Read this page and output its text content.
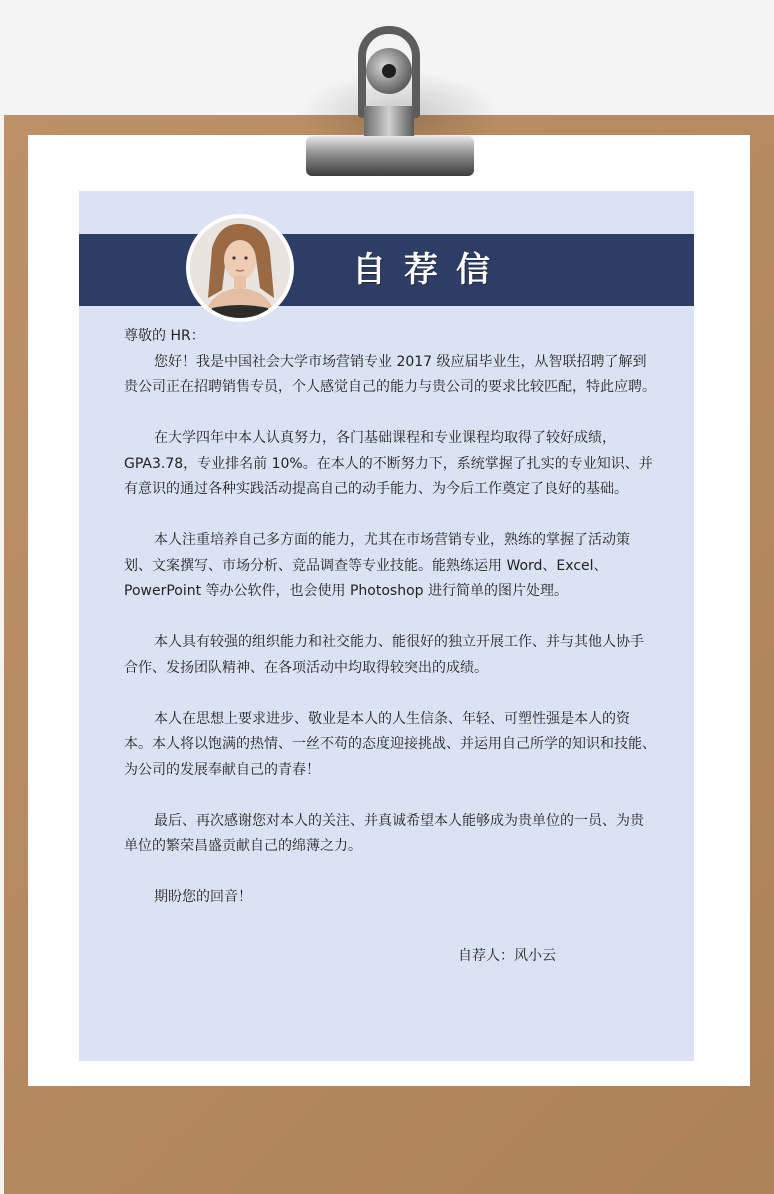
自荐信

尊敬的 HR：

您好！我是中国社会大学市场营销专业 2017 级应届毕业生，从智联招聘了解到贵公司正在招聘销售专员，个人感觉自己的能力与贵公司的要求比较匹配，特此应聘。

在大学四年中本人认真努力，各门基础课程和专业课程均取得了较好成绩，GPA3.78，专业排名前 10%。在本人的不断努力下，系统掌握了扎实的专业知识、并有意识的通过各种实践活动提高自己的动手能力、为今后工作奠定了良好的基础。

本人注重培养自己多方面的能力，尤其在市场营销专业，熟练的掌握了活动策划、文案撰写、市场分析、竞品调查等专业技能。能熟练运用 Word、Excel、PowerPoint 等办公软件，也会使用 Photoshop 进行简单的图片处理。

本人具有较强的组织能力和社交能力、能很好的独立开展工作、并与其他人协手合作、发扬团队精神、在各项活动中均取得较突出的成绩。

本人在思想上要求进步、敬业是本人的人生信条、年轻、可塑性强是本人的资本。本人将以饱满的热情、一丝不苟的态度迎接挑战、并运用自己所学的知识和技能、为公司的发展奉献自己的青春！

最后、再次感谢您对本人的关注、并真诚希望本人能够成为贵单位的一员、为贵单位的繁荣昌盛贡献自己的绵薄之力。

期盼您的回音！

自荐人：风小云
